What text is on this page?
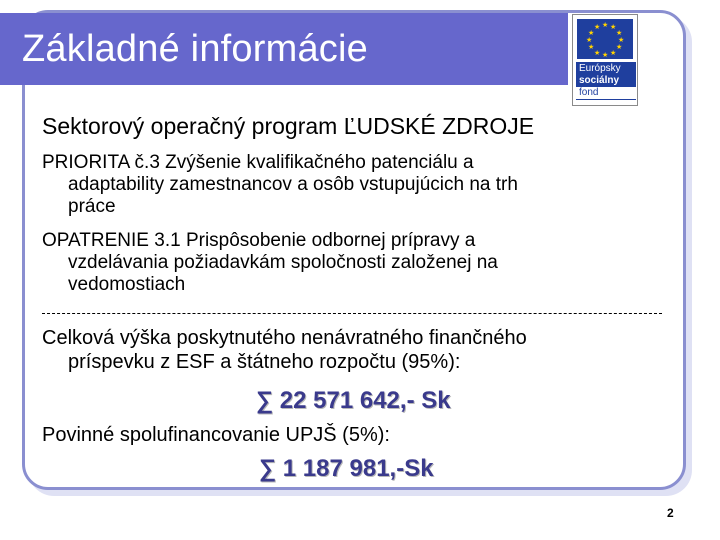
Základné informácie
★ ★
★
★
★
★
★
★
★
★
★
★
Európsky
sociálny
fond
Sektorový operačný program ĽUDSKÉ ZDROJE
PRIORITA č.3 Zvýšenie kvalifikačného patenciálu a
adaptability zamestnancov a osôb vstupujúcich na trh
práce
OPATRENIE 3.1 Prispôsobenie odbornej prípravy a
vzdelávania požiadavkám spoločnosti založenej na
vedomostiach
Celková výška poskytnutého nenávratného finančného
príspevku z ESF a štátneho rozpočtu (95%):
∑ 22 571 642,- Sk
Povinné spolufinancovanie UPJŠ (5%):
∑ 1 187 981,-Sk
2
